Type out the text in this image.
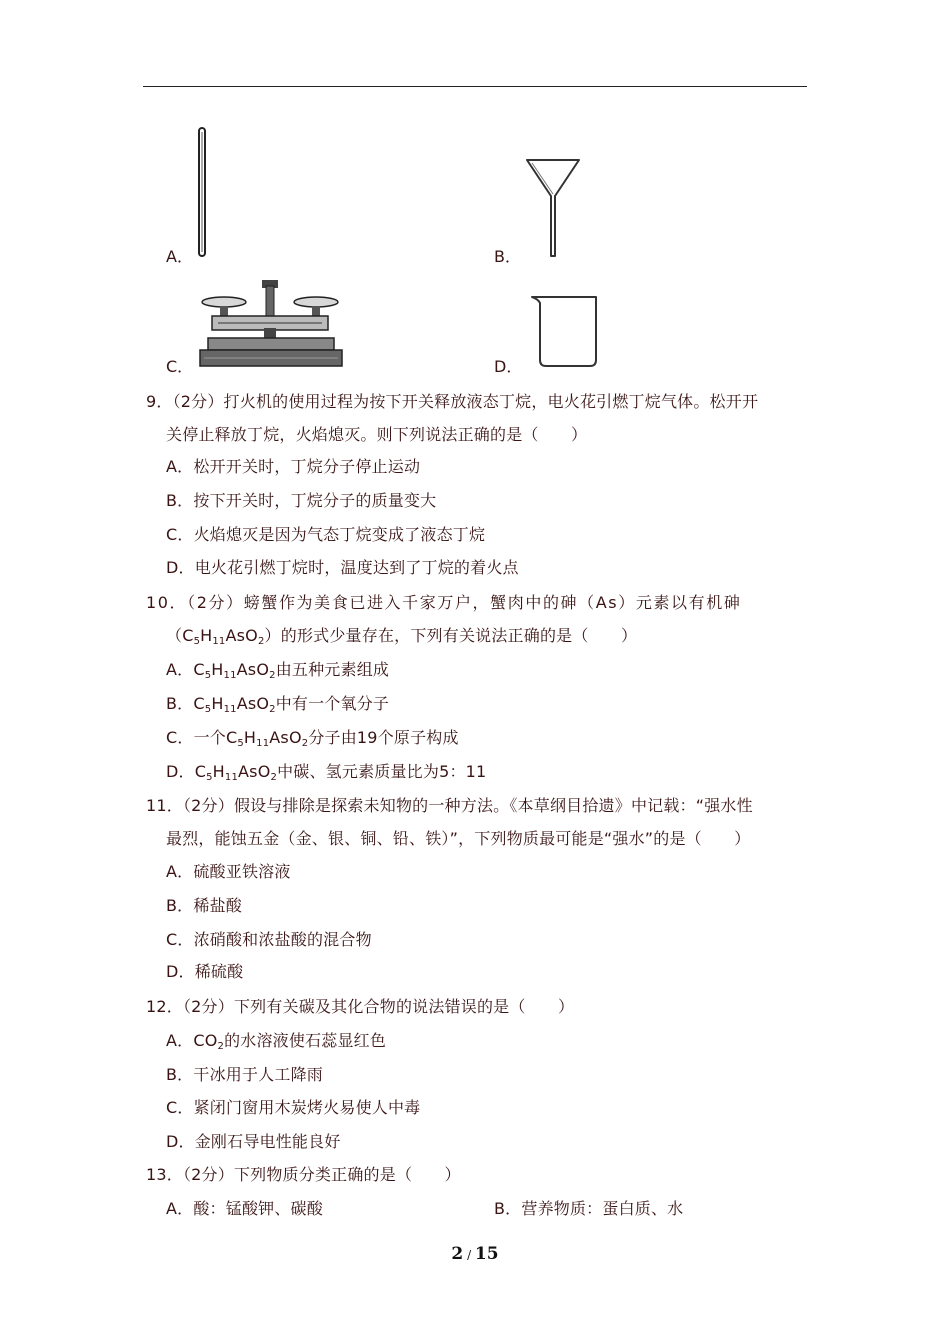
A．	B．
C．	D．
9．（2分）打火机的使用过程为按下开关释放液态丁烷，电火花引燃丁烷气体。松开开
关停止释放丁烷，火焰熄灭。则下列说法正确的是（　　）
A．松开开关时，丁烷分子停止运动
B．按下开关时，丁烷分子的质量变大
C．火焰熄灭是因为气态丁烷变成了液态丁烷
D．电火花引燃丁烷时，温度达到了丁烷的着火点
10．（2分）螃蟹作为美食已进入千家万户，蟹肉中的砷（As）元素以有机砷
$(C_5H_{11}AsO_2)$的形式少量存在，下列有关说法正确的是（　　）
A．$C_5H_{11}AsO_2$由五种元素组成
B．$C_5H_{11}AsO_2$中有一个氧分子
C．一个$C_5H_{11}AsO_2$分子由19个原子构成
D．$C_5H_{11}AsO_2$中碳、氢元素质量比为5：11
11．（2分）假设与排除是探索未知物的一种方法。《本草纲目拾遗》中记载：“强水性
最烈，能蚀五金（金、银、铜、铅、铁）”，下列物质最可能是“强水”的是（　　）
A．硫酸亚铁溶液
B．稀盐酸
C．浓硝酸和浓盐酸的混合物
D．稀硫酸
12．（2分）下列有关碳及其化合物的说法错误的是（　　）
A．$CO_2$的水溶液使石蕊显红色
B．干冰用于人工降雨
C．紧闭门窗用木炭烤火易使人中毒
D．金刚石导电性能良好
13．（2分）下列物质分类正确的是（　　）
A．酸：锰酸钾、碳酸	B．营养物质：蛋白质、水
2 / 15
